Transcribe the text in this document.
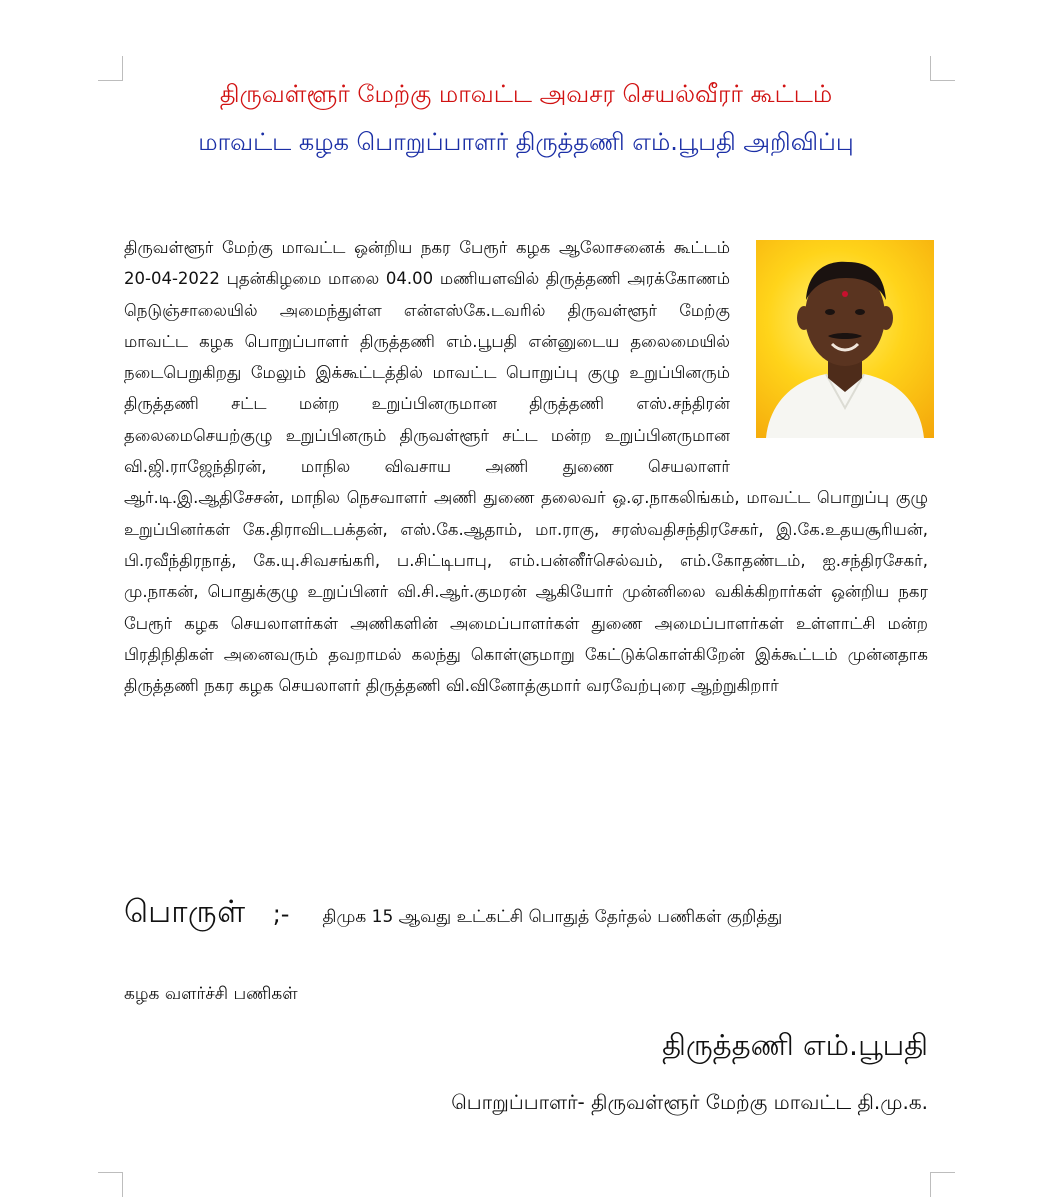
திருவள்ளூர் மேற்கு மாவட்ட அவசர செயல்வீரர் கூட்டம்
மாவட்ட கழக பொறுப்பாளர் திருத்தணி எம்.பூபதி அறிவிப்பு
திருவள்ளூர் மேற்கு மாவட்ட ஒன்றிய நகர பேரூர் கழக ஆலோசனைக் கூட்டம் 20-04-2022 புதன்கிழமை மாலை 04.00 மணியளவில் திருத்தணி அரக்கோணம் நெடுஞ்சாலையில் அமைந்துள்ள என்எஸ்கே.டவரில் திருவள்ளூர் மேற்கு மாவட்ட கழக பொறுப்பாளர் திருத்தணி எம்.பூபதி என்னுடைய தலைமையில் நடைபெறுகிறது மேலும் இக்கூட்டத்தில் மாவட்ட பொறுப்பு குழு உறுப்பினரும் திருத்தணி சட்ட மன்ற உறுப்பினருமான திருத்தணி எஸ்.சந்திரன் தலைமைசெயற்குழு உறுப்பினரும் திருவள்ளூர் சட்ட மன்ற உறுப்பினருமான வி.ஜி.ராஜேந்திரன், மாநில விவசாய அணி துணை செயலாளர் ஆர்.டி.இ.ஆதிசேசன், மாநில நெசவாளர் அணி துணை தலைவர் ஒ.ஏ.நாகலிங்கம், மாவட்ட பொறுப்பு குழு உறுப்பினர்கள் கே.திராவிடபக்தன், எஸ்.கே.ஆதாம், மா.ராகு, சரஸ்வதிசந்திரசேகர், இ.கே.உதயசூரியன், பி.ரவீந்திரநாத், கே.யு.சிவசங்கரி, ப.சிட்டிபாபு, எம்.பன்னீர்செல்வம், எம்.கோதண்டம், ஐ.சந்திரசேகர், மு.நாகன், பொதுக்குழு உறுப்பினர் வி.சி.ஆர்.குமரன் ஆகியோர் முன்னிலை வகிக்கிறார்கள் ஒன்றிய நகர பேரூர் கழக செயலாளர்கள் அணிகளின் அமைப்பாளர்கள் துணை அமைப்பாளர்கள் உள்ளாட்சி மன்ற பிரதிநிதிகள் அனைவரும் தவறாமல் கலந்து கொள்ளுமாறு கேட்டுக்கொள்கிறேன் இக்கூட்டம் முன்னதாக திருத்தணி நகர கழக செயலாளர் திருத்தணி வி.வினோத்குமார் வரவேற்புரை ஆற்றுகிறார்
பொருள் ;- திமுக 15 ஆவது உட்கட்சி பொதுத் தேர்தல் பணிகள் குறித்து
கழக வளர்ச்சி பணிகள்
திருத்தணி எம்.பூபதி
பொறுப்பாளர்- திருவள்ளூர் மேற்கு மாவட்ட தி.மு.க.
